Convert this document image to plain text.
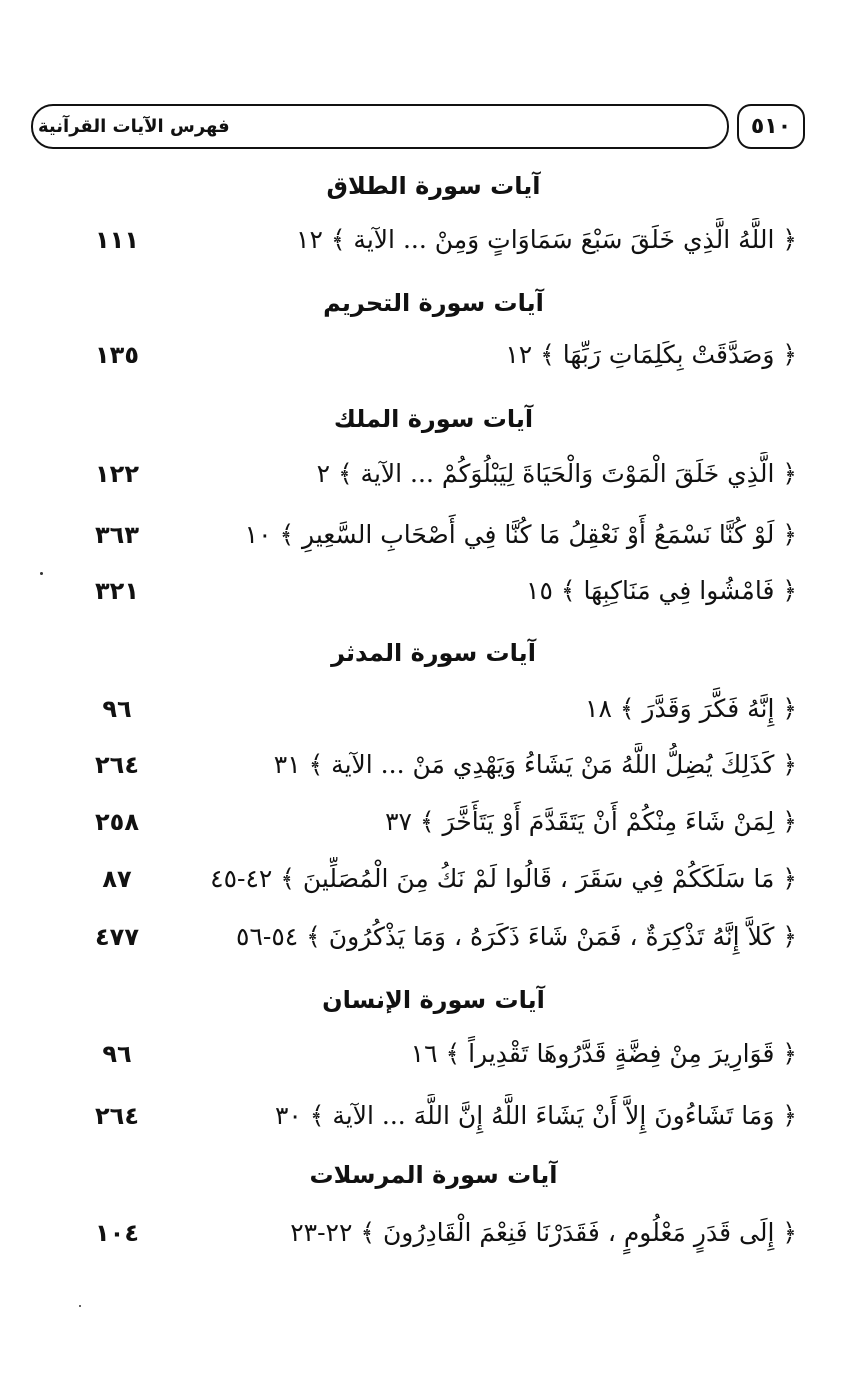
فهرس الآيات القرآنية	٥١٠
آيات سورة الطلاق
﴿ اللَّهُ الَّذِي خَلَقَ سَبْعَ سَمَاوَاتٍ وَمِنْ ... الآية ﴾ ١٢
١١١
آيات سورة التحريم
﴿ وَصَدَّقَتْ بِكَلِمَاتِ رَبِّهَا ﴾ ١٢
١٣٥
آيات سورة الملك
﴿ الَّذِي خَلَقَ الْمَوْتَ وَالْحَيَاةَ لِيَبْلُوَكُمْ ... الآية ﴾ ٢
١٢٢
﴿ لَوْ كُنَّا نَسْمَعُ أَوْ نَعْقِلُ مَا كُنَّا فِي أَصْحَابِ السَّعِيرِ ﴾ ١٠
٣٦٣
﴿ فَامْشُوا فِي مَنَاكِبِهَا ﴾ ١٥
٣٢١
آيات سورة المدثر
﴿ إِنَّهُ فَكَّرَ وَقَدَّرَ ﴾ ١٨
٩٦
﴿ كَذَلِكَ يُضِلُّ اللَّهُ مَنْ يَشَاءُ وَيَهْدِي مَنْ ... الآية ﴾ ٣١
٢٦٤
﴿ لِمَنْ شَاءَ مِنْكُمْ أَنْ يَتَقَدَّمَ أَوْ يَتَأَخَّرَ ﴾ ٣٧
٢٥٨
﴿ مَا سَلَكَكُمْ فِي سَقَرَ ، قَالُوا لَمْ نَكُ مِنَ الْمُصَلِّينَ ﴾ ٤٢-٤٥
٨٧
﴿ كَلاَّ إِنَّهُ تَذْكِرَةٌ ، فَمَنْ شَاءَ ذَكَرَهُ ، وَمَا يَذْكُرُونَ ﴾ ٥٤-٥٦
٤٧٧
آيات سورة الإنسان
﴿ قَوَارِيرَ مِنْ فِضَّةٍ قَدَّرُوهَا تَقْدِيراً ﴾ ١٦
٩٦
﴿ وَمَا تَشَاءُونَ إِلاَّ أَنْ يَشَاءَ اللَّهُ إِنَّ اللَّهَ ... الآية ﴾ ٣٠
٢٦٤
آيات سورة المرسلات
﴿ إِلَى قَدَرٍ مَعْلُومٍ ، فَقَدَرْنَا فَنِعْمَ الْقَادِرُونَ ﴾ ٢٢-٢٣
١٠٤
